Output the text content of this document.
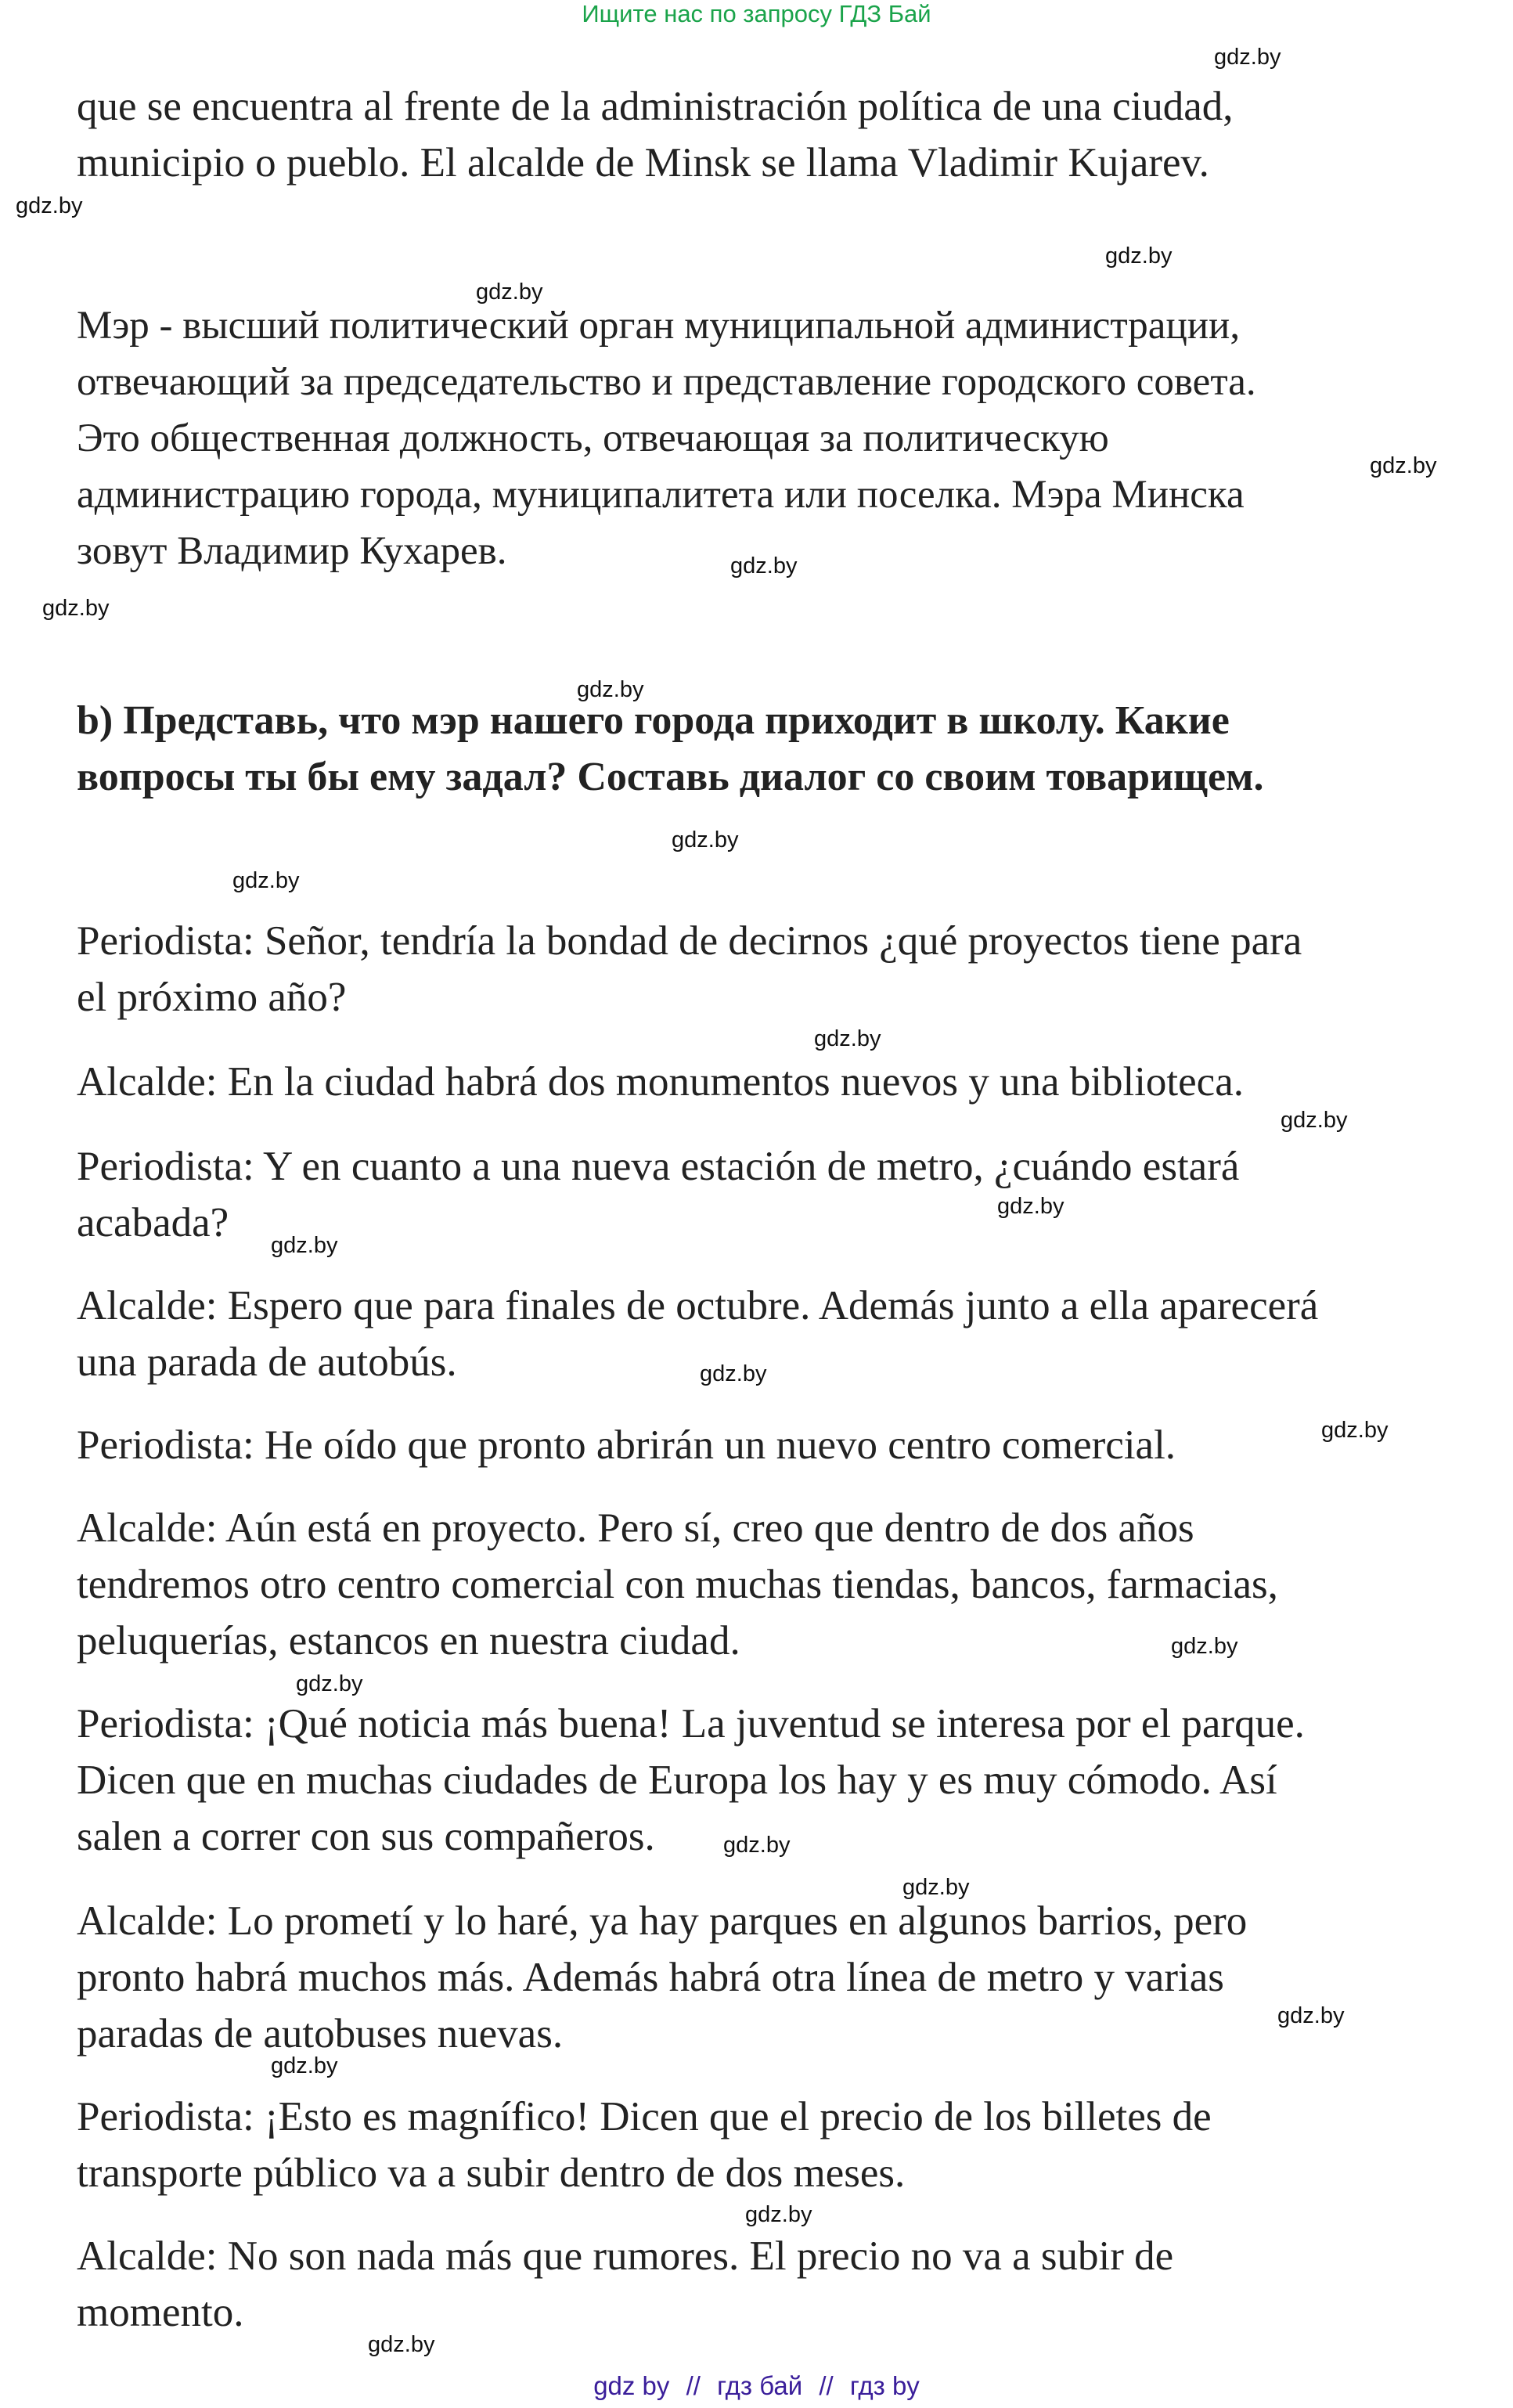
Ищите нас по запросу ГДЗ Бай

que se encuentra al frente de la administración política de una ciudad,
municipio o pueblo. El alcalde de Minsk se llama Vladimir Kujarev.

Мэр - высший политический орган муниципальной администрации,
отвечающий за председательство и представление городского совета.
Это общественная должность, отвечающая за политическую
администрацию города, муниципалитета или поселка. Мэра Минска
зовут Владимир Кухарев.

b) Представь, что мэр нашего города приходит в школу. Какие
вопросы ты бы ему задал? Составь диалог со своим товарищем.

Periodista: Señor, tendría la bondad de decirnos ¿qué proyectos tiene para
el próximo año?

Alcalde: En la ciudad habrá dos monumentos nuevos y una biblioteca.

Periodista: Y en cuanto a una nueva estación de metro, ¿cuándo estará
acabada?

Alcalde: Espero que para finales de octubre. Además junto a ella aparecerá
una parada de autobús.

Periodista: He oído que pronto abrirán un nuevo centro comercial.

Alcalde: Aún está en proyecto. Pero sí, creo que dentro de dos años
tendremos otro centro comercial con muchas tiendas, bancos, farmacias,
peluquerías, estancos en nuestra ciudad.

Periodista: ¡Qué noticia más buena! La juventud se interesa por el parque.
Dicen que en muchas ciudades de Europa los hay y es muy cómodo. Así
salen a correr con sus compañeros.

Alcalde: Lo prometí y lo haré, ya hay parques en algunos barrios, pero
pronto habrá muchos más. Además habrá otra línea de metro y varias
paradas de autobuses nuevas.

Periodista: ¡Esto es magnífico! Dicen que el precio de los billetes de
transporte público va a subir dentro de dos meses.

Alcalde: No son nada más que rumores. El precio no va a subir de
momento.

gdz.by
gdz.by
gdz.by
gdz.by
gdz.by
gdz.by
gdz.by
gdz.by
gdz.by
gdz.by
gdz.by
gdz.by
gdz.by
gdz.by
gdz.by
gdz.by
gdz.by
gdz.by
gdz.by
gdz.by
gdz.by
gdz.by
gdz.by
gdz.by
gdz by // гдз бай // гдз by
